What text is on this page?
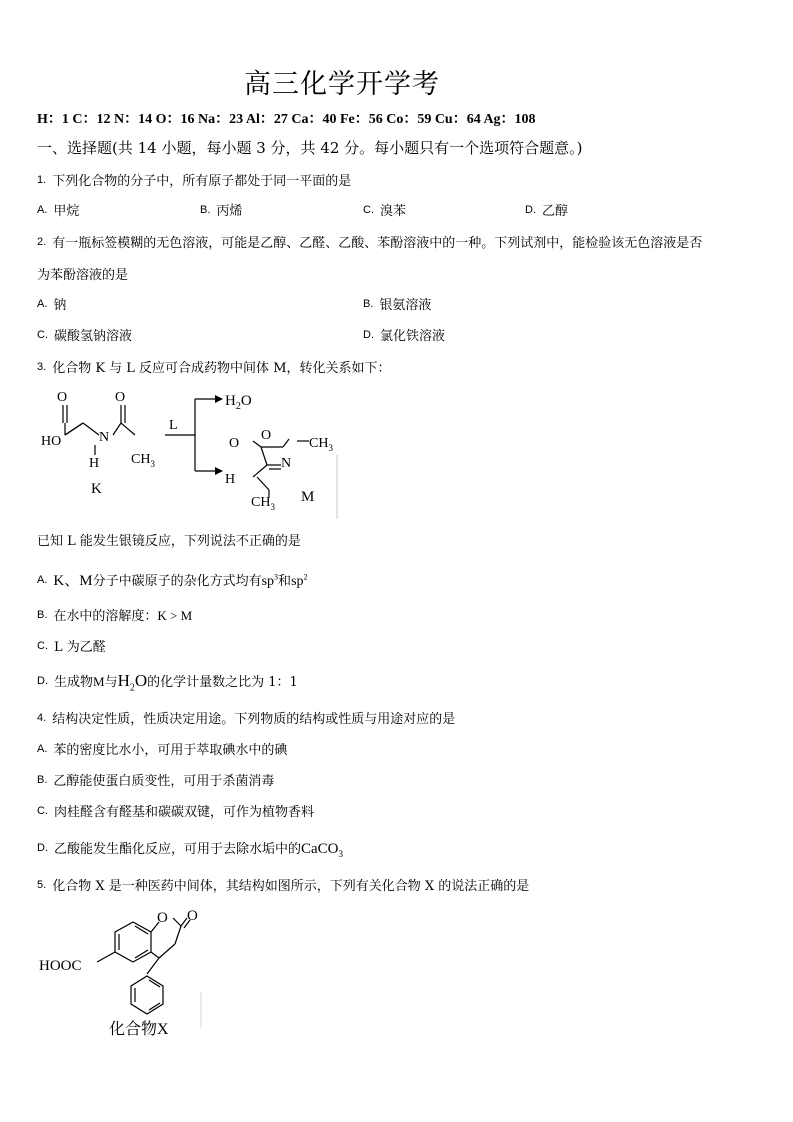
高三化学开学考
H：1 C：12 N：14 O：16 Na：23 Al：27 Ca：40 Fe：56 Co：59 Cu：64 Ag：108
一、选择题(共 14 小题，每小题 3 分，共 42 分。每小题只有一个选项符合题意。)
1. 下列化合物的分子中，所有原子都处于同一平面的是
A. 甲烷	B. 丙烯	C. 溴苯	D. 乙醇
2. 有一瓶标签模糊的无色溶液，可能是乙醇、乙醛、乙酸、苯酚溶液中的一种。下列试剂中，能检验该无色溶液是否
为苯酚溶液的是
A. 钠	B. 银氨溶液
C. 碳酸氢钠溶液	D. 氯化铁溶液
3. 化合物 K 与 L 反应可合成药物中间体 M，转化关系如下：
O
HO	N
H
O
$CH_3$
K
L
$H_2O$
O
O
N
$CH_3$
H
$CH_3$
M
已知 L 能发生银镜反应，下列说法不正确的是
A. K、M分子中碳原子的杂化方式均有$sp^3$和$sp^2$
B. 在水中的溶解度：K > M
C. L 为乙醛
D. 生成物M与$H_2O$的化学计量数之比为 1：1
4. 结构决定性质，性质决定用途。下列物质的结构或性质与用途对应的是
A. 苯的密度比水小，可用于萃取碘水中的碘
B. 乙醇能使蛋白质变性，可用于杀菌消毒
C. 肉桂醛含有醛基和碳碳双键，可作为植物香料
D. 乙酸能发生酯化反应，可用于去除水垢中的CaCO$_3$
5. 化合物 X 是一种医药中间体，其结构如图所示，下列有关化合物 X 的说法正确的是
O O
HOOC
化合物X
